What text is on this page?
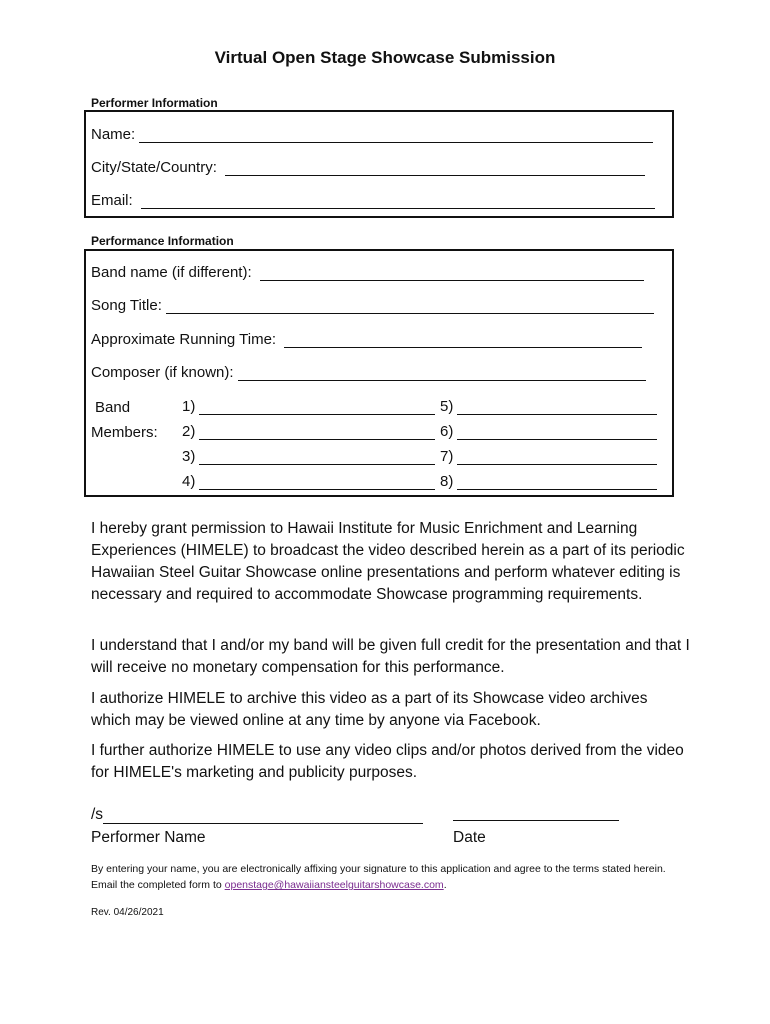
Virtual Open Stage Showcase Submission
Performer Information
Name:
City/State/Country:
Email:
Performance Information
Band name (if different):
Song Title:
Approximate Running Time:
Composer (if known):
Band
Members:
1)
2)
3)
4)
5)
6)
7)
8)
I hereby grant permission to Hawaii Institute for Music Enrichment and Learning Experiences (HIMELE) to broadcast the video described herein as a part of its periodic Hawaiian Steel Guitar Showcase online presentations and perform whatever editing is necessary and required to accommodate Showcase programming requirements.
I understand that I and/or my band will be given full credit for the presentation and that I will receive no monetary compensation for this performance.
I authorize HIMELE to archive this video as a part of its Showcase video archives which may be viewed online at any time by anyone via Facebook.
I further authorize HIMELE to use any video clips and/or photos derived from the video for HIMELE's marketing and publicity purposes.
/s
Performer Name	Date
By entering your name, you are electronically affixing your signature to this application and agree to the terms stated herein. Email the completed form to openstage@hawaiiansteelguitarshowcase.com.
Rev. 04/26/2021
